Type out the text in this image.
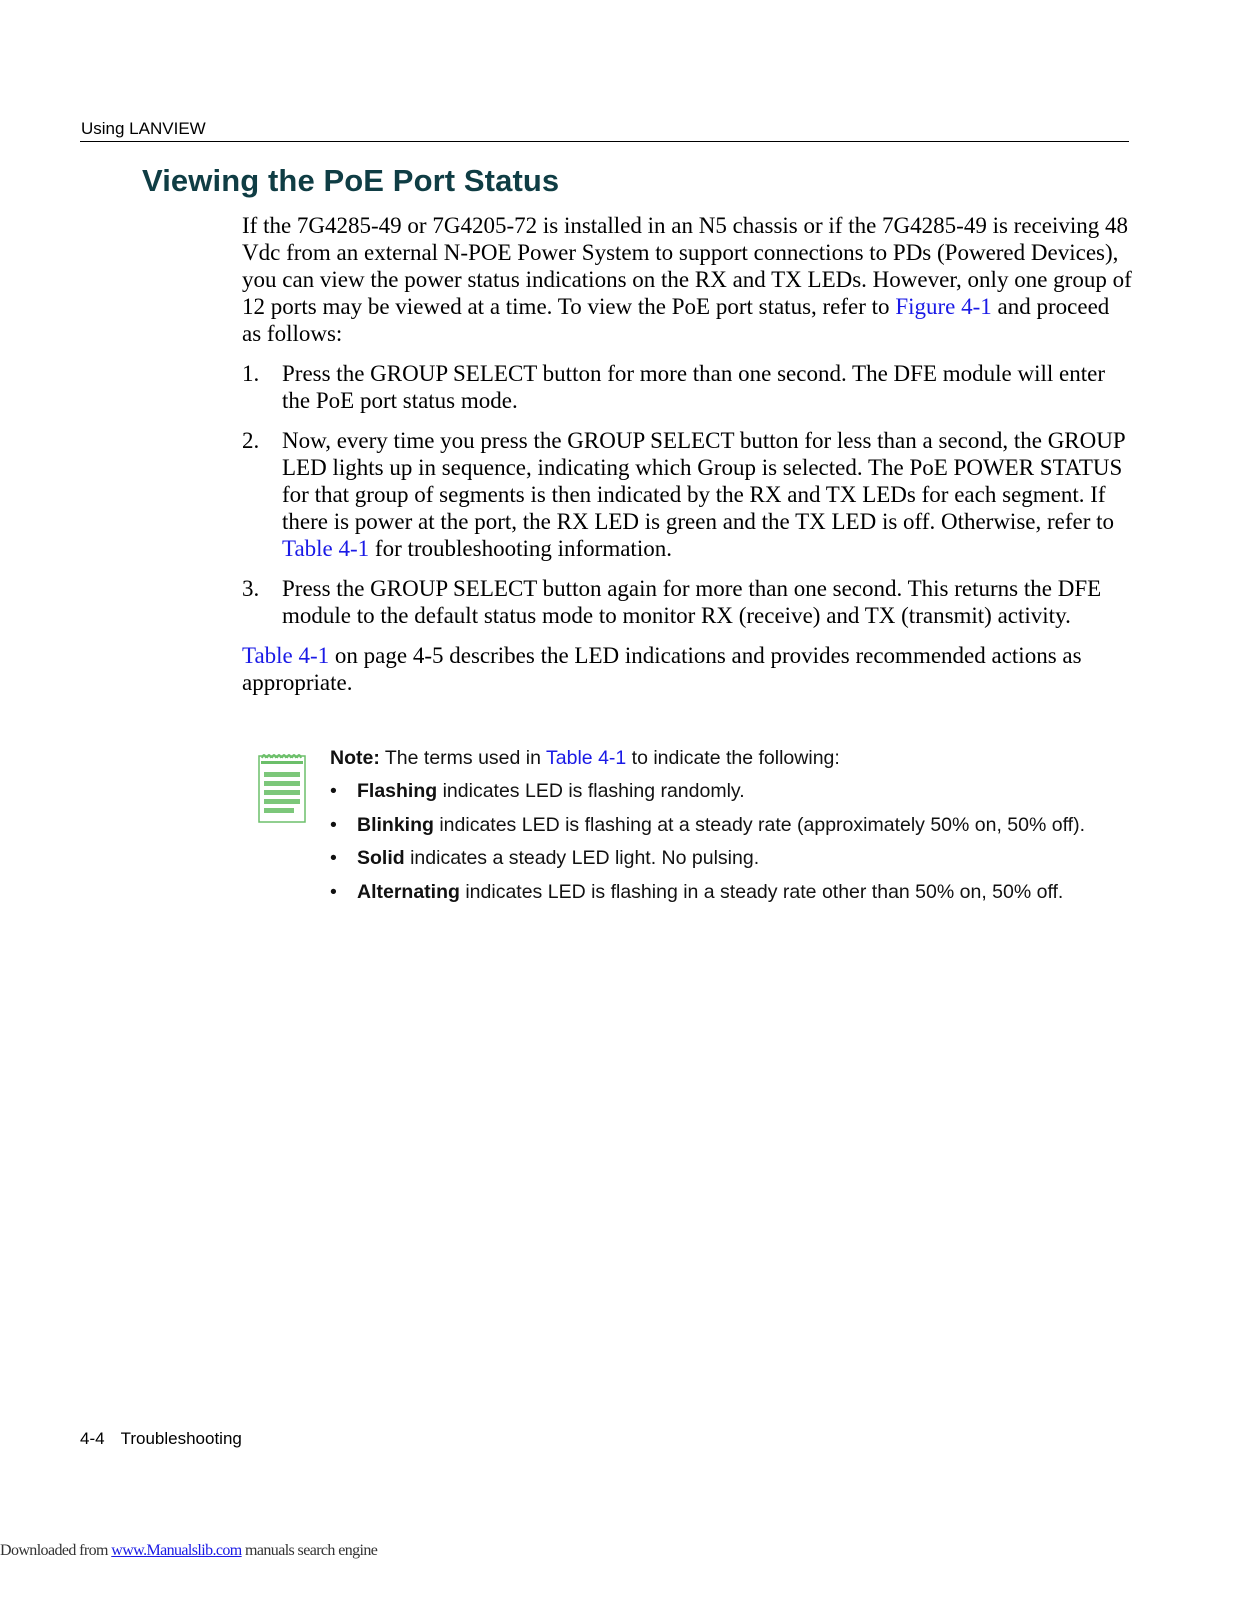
Using LANVIEW
Viewing the PoE Port Status

If the 7G4285-49 or 7G4205-72 is installed in an N5 chassis or if the 7G4285-49 is receiving 48 Vdc from an external N-POE Power System to support connections to PDs (Powered Devices), you can view the power status indications on the RX and TX LEDs. However, only one group of 12 ports may be viewed at a time. To view the PoE port status, refer to Figure 4-1 and proceed as follows:

1. Press the GROUP SELECT button for more than one second. The DFE module will enter the PoE port status mode.
2. Now, every time you press the GROUP SELECT button for less than a second, the GROUP LED lights up in sequence, indicating which Group is selected. The PoE POWER STATUS for that group of segments is then indicated by the RX and TX LEDs for each segment. If there is power at the port, the RX LED is green and the TX LED is off. Otherwise, refer to Table 4-1 for troubleshooting information.
3. Press the GROUP SELECT button again for more than one second. This returns the DFE module to the default status mode to monitor RX (receive) and TX (transmit) activity.

Table 4-1 on page 4-5 describes the LED indications and provides recommended actions as appropriate.

Note: The terms used in Table 4-1 to indicate the following:
• Flashing indicates LED is flashing randomly.
• Blinking indicates LED is flashing at a steady rate (approximately 50% on, 50% off).
• Solid indicates a steady LED light. No pulsing.
• Alternating indicates LED is flashing in a steady rate other than 50% on, 50% off.
4-4 Troubleshooting
Downloaded from www.Manualslib.com manuals search engine
